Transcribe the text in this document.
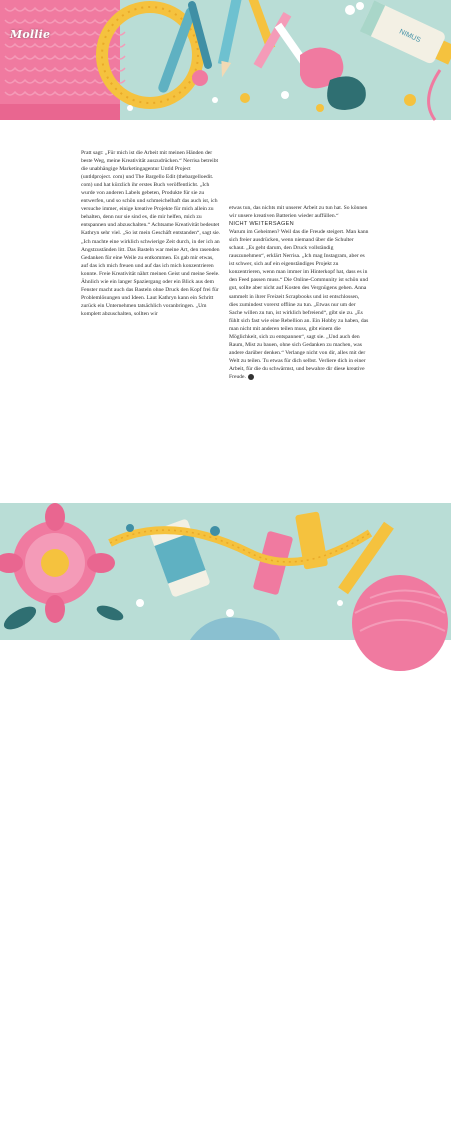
NIMUS
Mollie

Pratt sagt: „Für mich ist die Arbeit mit meinen Händen der beste Weg, meine Kreativität auszudrücken.“ Nerrisa betreibt die unabhängige Marketingagentur Untld Project (untldproject. com) und The Bargello Edit (thebargelloedit. com) und hat kürzlich ihr erstes Buch veröffentlicht. „Ich wurde von anderen Labels gebeten, Produkte für sie zu entwerfen, und so schön und schmeichelhaft das auch ist, ich versuche immer, einige kreative Projekte für mich allein zu behalten, denn nur sie sind es, die mir helfen, mich zu entspannen und abzuschalten.“ Achtsame Kreativität bedeutet Kathryn sehr viel. „So ist mein Geschäft entstanden“, sagt sie. „Ich machte eine wirklich schwierige Zeit durch, in der ich an Angstzuständen litt. Das Basteln war meine Art, den rasenden Gedanken für eine Weile zu entkommen. Es gab mir etwas, auf das ich mich freuen und auf das ich mich konzentrieren konnte. Freie Kreativität nährt meinen Geist und meine Seele. Ähnlich wie ein langer Spaziergang oder ein Blick aus dem Fenster macht auch das Basteln ohne Druck den Kopf frei für Problemlösungen und Ideen. Laut Kathryn kann ein Schritt zurück ein Unternehmen tatsächlich voranbringen. „Um komplett abzuschalten, sollten wir

etwas tun, das nichts mit unserer Arbeit zu tun hat. So können wir unsere kreativen Batterien wieder auffüllen.“

NICHT WEITERSAGEN

Warum im Geheimen? Weil das die Freude steigert. Man kann sich freier ausdrücken, wenn niemand über die Schulter schaut. „Es geht darum, den Druck vollständig rauszunehmen“, erklärt Nerrisa. „Ich mag Instagram, aber es ist schwer, sich auf ein eigenständiges Projekt zu konzentrieren, wenn man immer im Hinterkopf hat, dass es in den Feed passen muss.“ Die Online-Community ist schön und gut, sollte aber nicht auf Kosten des Vergnügens gehen. Anna sammelt in ihrer Freizeit Scrapbooks und ist entschlossen, dies zumindest vorerst offline zu tun. „Etwas nur um der Sache willen zu tun, ist wirklich befreiend“, gibt sie zu. „Es fühlt sich fast wie eine Rebellion an. Ein Hobby zu haben, das man nicht mit anderen teilen muss, gibt einem die Möglichkeit, sich zu entspannen“, sagt sie. „Und auch den Raum, Mist zu bauen, ohne sich Gedanken zu machen, was andere darüber denken.“ Verlange nicht von dir, alles mit der Welt zu teilen. Tu etwas für dich selbst. Verliere dich in einer Arbeit, für die du schwärmst, und bewahre dir diese kreative Freude.

90 | MOLLIE
